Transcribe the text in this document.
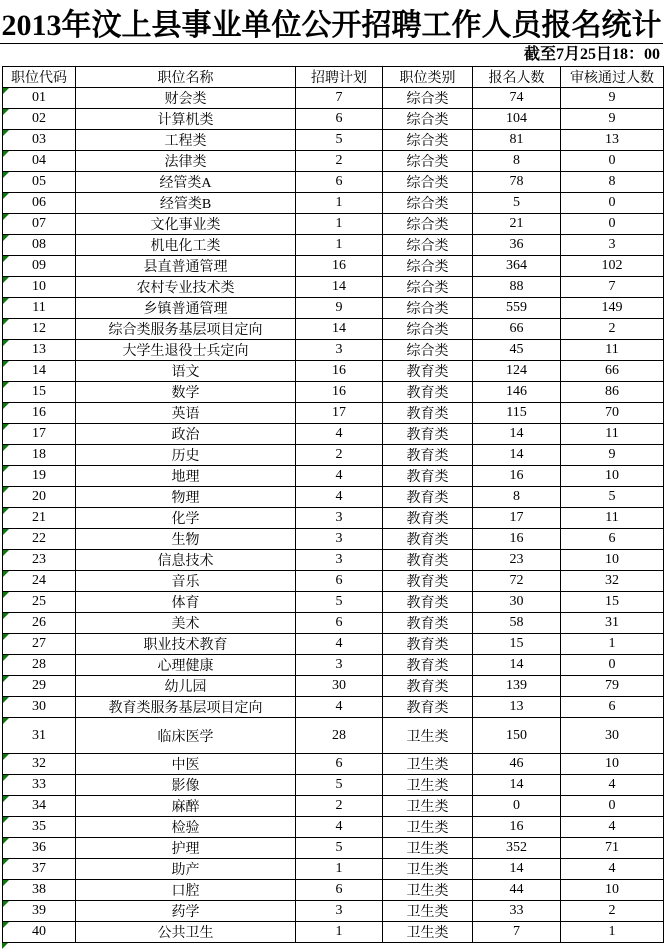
2013年汶上县事业单位公开招聘工作人员报名统计
截至7月25日18：00
职位代码	职位名称	招聘计划	职位类别	报名人数	审核通过人数

01	财会类	7	综合类	74	9

02	计算机类	6	综合类	104	9

03	工程类	5	综合类	81	13

04	法律类	2	综合类	8	0

05	经管类A	6	综合类	78	8

06	经管类B	1	综合类	5	0

07	文化事业类	1	综合类	21	0

08	机电化工类	1	综合类	36	3

09	县直普通管理	16	综合类	364	102

10	农村专业技术类	14	综合类	88	7

11	乡镇普通管理	9	综合类	559	149

12	综合类服务基层项目定向	14	综合类	66	2

13	大学生退役士兵定向	3	综合类	45	11

14	语文	16	教育类	124	66

15	数学	16	教育类	146	86

16	英语	17	教育类	115	70

17	政治	4	教育类	14	11

18	历史	2	教育类	14	9

19	地理	4	教育类	16	10

20	物理	4	教育类	8	5

21	化学	3	教育类	17	11

22	生物	3	教育类	16	6

23	信息技术	3	教育类	23	10

24	音乐	6	教育类	72	32

25	体育	5	教育类	30	15

26	美术	6	教育类	58	31

27	职业技术教育	4	教育类	15	1

28	心理健康	3	教育类	14	0

29	幼儿园	30	教育类	139	79

30	教育类服务基层项目定向	4	教育类	13	6

31	临床医学	28	卫生类	150	30

32	中医	6	卫生类	46	10

33	影像	5	卫生类	14	4

34	麻醉	2	卫生类	0	0

35	检验	4	卫生类	16	4

36	护理	5	卫生类	352	71

37	助产	1	卫生类	14	4

38	口腔	6	卫生类	44	10

39	药学	3	卫生类	33	2

40	公共卫生	1	卫生类	7	1
